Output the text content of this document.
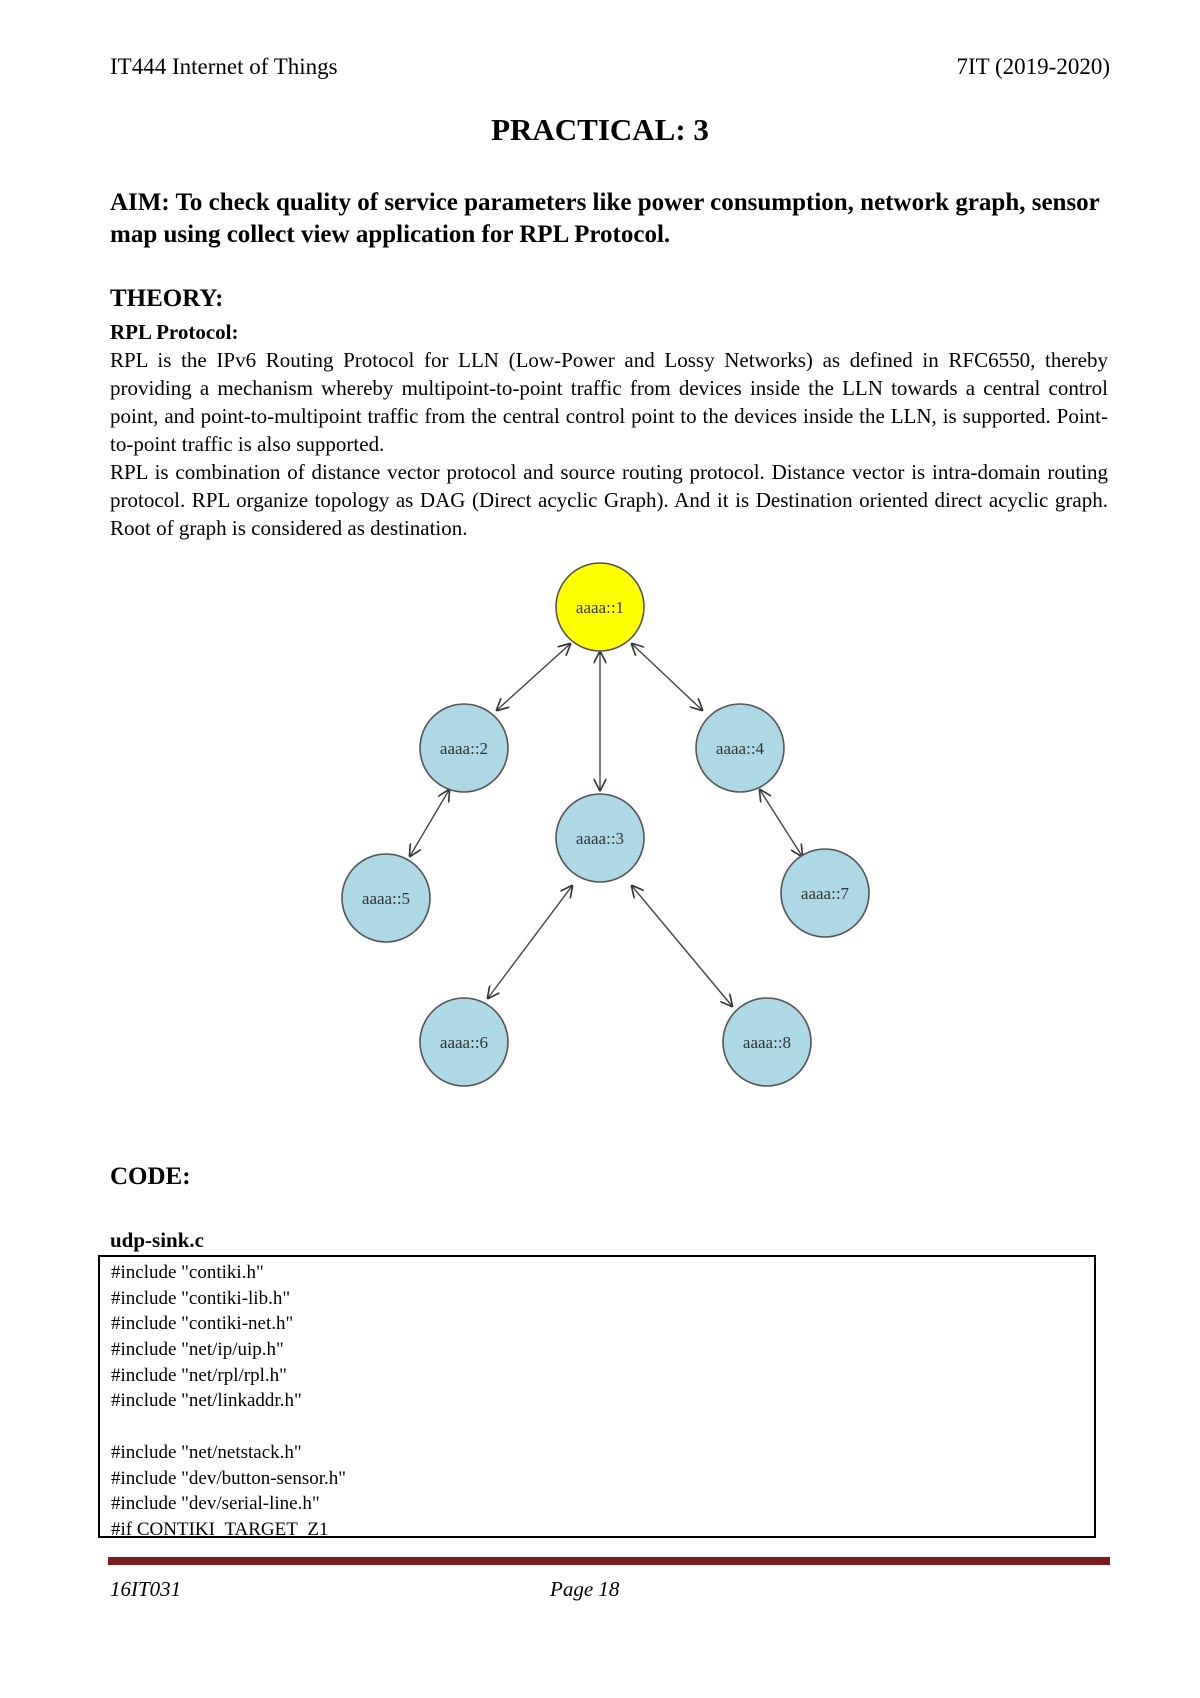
IT444 Internet of Things	7IT (2019-2020)
PRACTICAL: 3
AIM: To check quality of service parameters like power consumption, network graph, sensor map using collect view application for RPL Protocol.
THEORY:
RPL Protocol:
RPL is the IPv6 Routing Protocol for LLN (Low-Power and Lossy Networks) as defined in RFC6550, thereby providing a mechanism whereby multipoint-to-point traffic from devices inside the LLN towards a central control point, and point-to-multipoint traffic from the central control point to the devices inside the LLN, is supported. Point-to-point traffic is also supported.
RPL is combination of distance vector protocol and source routing protocol. Distance vector is intra-domain routing protocol. RPL organize topology as DAG (Direct acyclic Graph). And it is Destination oriented direct acyclic graph. Root of graph is considered as destination.
aaaa::1
aaaa::2
aaaa::3
aaaa::4
aaaa::5
aaaa::6
aaaa::7
aaaa::8
CODE:
udp-sink.c
#include "contiki.h"
#include "contiki-lib.h"
#include "contiki-net.h"
#include "net/ip/uip.h"
#include "net/rpl/rpl.h"
#include "net/linkaddr.h"
#include "net/netstack.h"
#include "dev/button-sensor.h"
#include "dev/serial-line.h"
#if CONTIKI_TARGET_Z1
16IT031	Page 18
